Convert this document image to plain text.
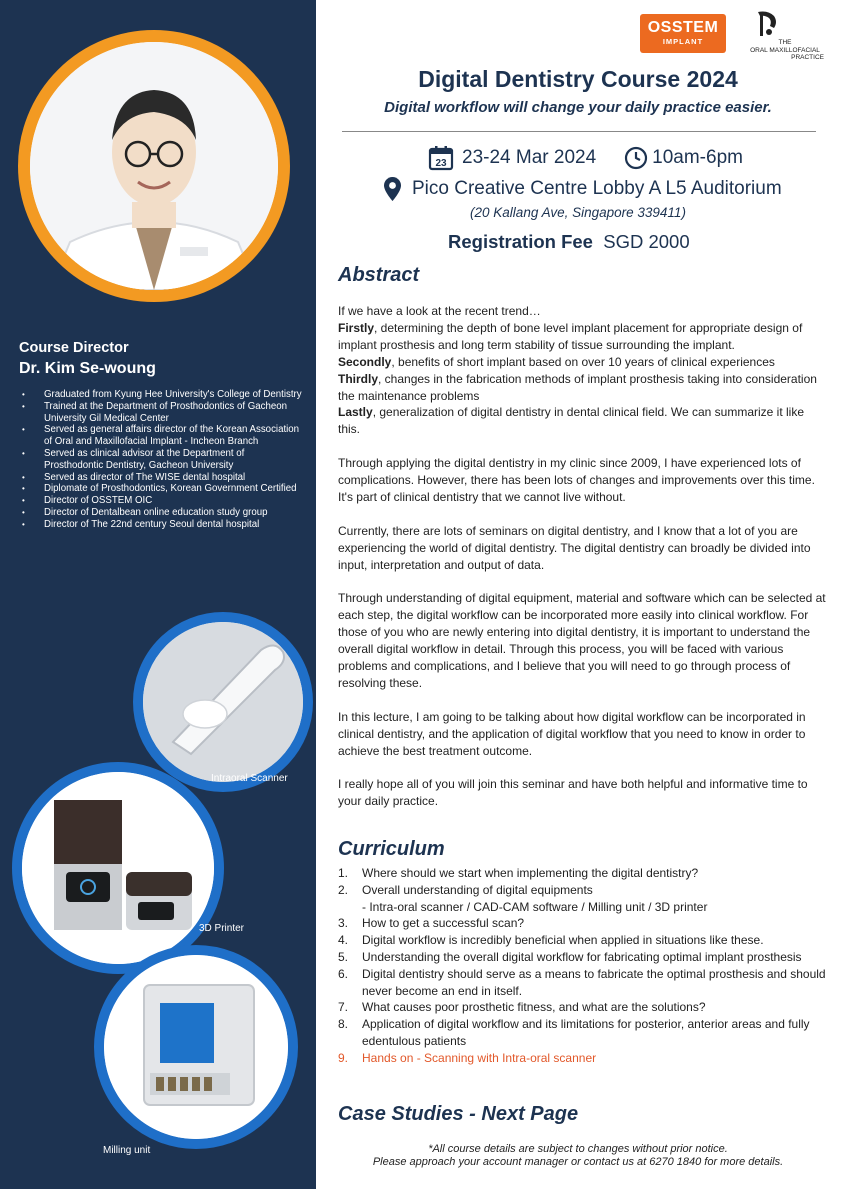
Course Director
Dr. Kim Se-woung
• Graduated from Kyung Hee University's College of Dentistry
• Trained at the Department of Prosthodontics of Gacheon University Gil Medical Center
• Served as general affairs director of the Korean Association of Oral and Maxillofacial Implant - Incheon Branch
• Served as clinical advisor at the Department of Prosthodontic Dentistry, Gacheon University
• Served as director of The WISE dental hospital
• Diplomate of Prosthodontics, Korean Government Certified
• Director of OSSTEM OIC
• Director of Dentalbean online education study group
• Director of The 22nd century Seoul dental hospital
Intraoral Scanner
3D Printer
Milling unit
OSSTEM
IMPLANT	THE
ORAL MAXILLOFACIAL
PRACTICE
Digital Dentistry Course 2024
Digital workflow will change your daily practice easier.
23 23-24 Mar 2024	10am-6pm
Pico Creative Centre Lobby A L5 Auditorium
(20 Kallang Ave, Singapore 339411)
Registration Fee SGD 2000
Abstract

If we have a look at the recent trend…

Firstly, determining the depth of bone level implant placement for appropriate design of implant prosthesis and long term stability of tissue surrounding the implant.

Secondly, benefits of short implant based on over 10 years of clinical experiences

Thirdly, changes in the fabrication methods of implant prosthesis taking into consideration the maintenance problems

Lastly, generalization of digital dentistry in dental clinical field. We can summarize it like this.

Through applying the digital dentistry in my clinic since 2009, I have experienced lots of complications. However, there has been lots of changes and improvements over this time. It's part of clinical dentistry that we cannot live without.

Currently, there are lots of seminars on digital dentistry, and I know that a lot of you are experiencing the world of digital dentistry. The digital dentistry can broadly be divided into input, interpretation and output of data.

Through understanding of digital equipment, material and software which can be selected at each step, the digital workflow can be incorporated more easily into clinical workflow. For those of you who are newly entering into digital dentistry, it is important to understand the overall digital workflow in detail. Through this process, you will be faced with various problems and complications, and I believe that you will need to go through process of resolving these.

In this lecture, I am going to be talking about how digital workflow can be incorporated in clinical dentistry, and the application of digital workflow that you need to know in order to achieve the best treatment outcome.

I really hope all of you will join this seminar and have both helpful and informative time to your daily practice.

Curriculum
1. Where should we start when implementing the digital dentistry?
2. Overall understanding of digital equipments
- Intra-oral scanner / CAD-CAM software / Milling unit / 3D printer
3. How to get a successful scan?
4. Digital workflow is incredibly beneficial when applied in situations like these.
5. Understanding the overall digital workflow for fabricating optimal implant prosthesis
6. Digital dentistry should serve as a means to fabricate the optimal prosthesis and should never become an end in itself.
7. What causes poor prosthetic fitness, and what are the solutions?
8. Application of digital workflow and its limitations for posterior, anterior areas and fully edentulous patients
9. Hands on - Scanning with Intra-oral scanner
Case Studies - Next Page
*All course details are subject to changes without prior notice.
Please approach your account manager or contact us at 6270 1840 for more details.
